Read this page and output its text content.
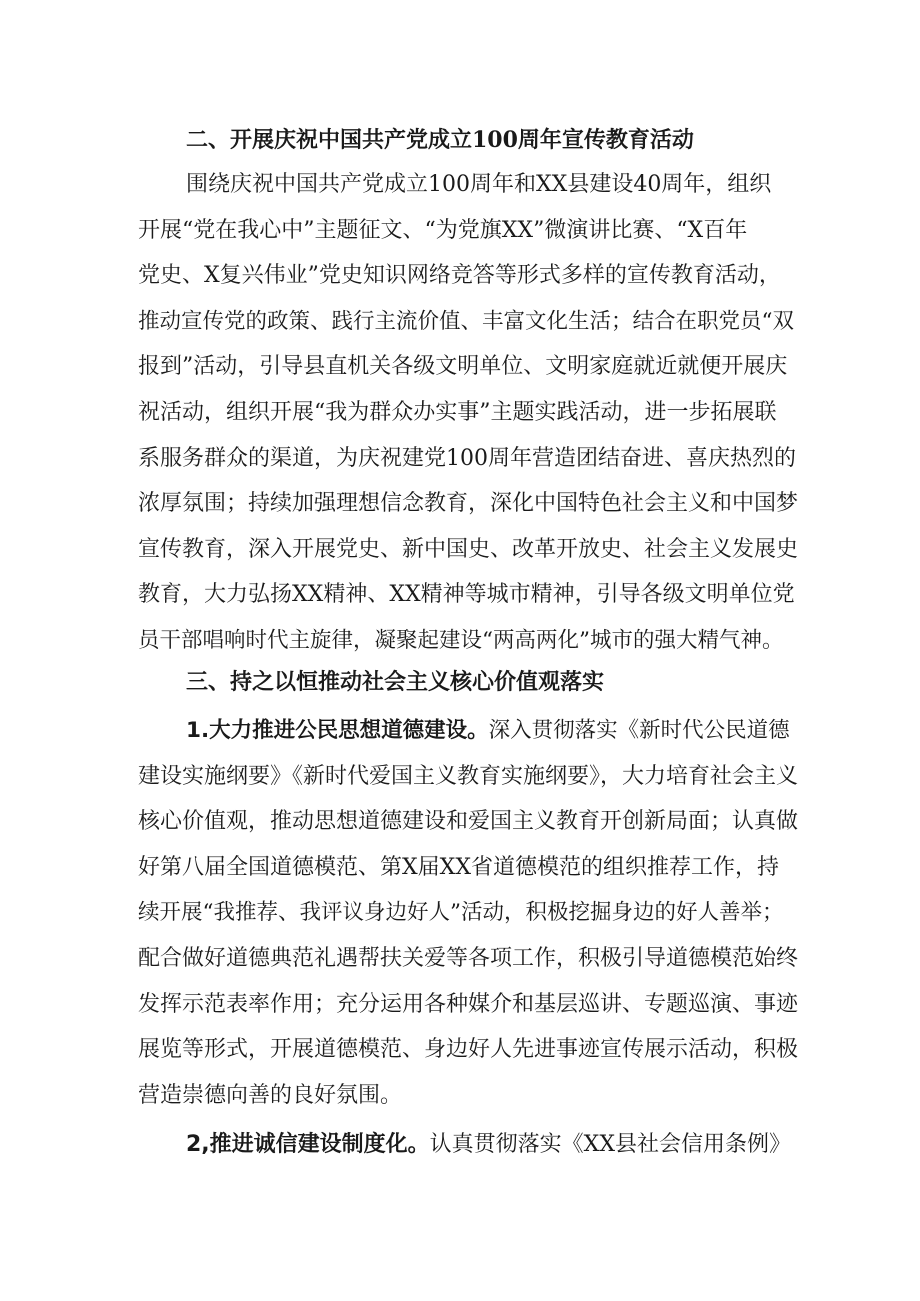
二、开展庆祝中国共产党成立100周年宣传教育活动
围绕庆祝中国共产党成立100周年和XX县建设40周年，组织
开展“党在我心中”主题征文、“为党旗XX”微演讲比赛、“X百年
党史、X复兴伟业”党史知识网络竞答等形式多样的宣传教育活动，
推动宣传党的政策、践行主流价值、丰富文化生活；结合在职党员“双
报到”活动，引导县直机关各级文明单位、文明家庭就近就便开展庆
祝活动，组织开展“我为群众办实事”主题实践活动，进一步拓展联
系服务群众的渠道，为庆祝建党100周年营造团结奋进、喜庆热烈的
浓厚氛围；持续加强理想信念教育，深化中国特色社会主义和中国梦
宣传教育，深入开展党史、新中国史、改革开放史、社会主义发展史
教育，大力弘扬XX精神、XX精神等城市精神，引导各级文明单位党
员干部唱响时代主旋律，凝聚起建设“两高两化”城市的强大精气神。
三、持之以恒推动社会主义核心价值观落实
1.大力推进公民思想道德建设。深入贯彻落实《新时代公民道德
建设实施纲要》《新时代爱国主义教育实施纲要》，大力培育社会主义
核心价值观，推动思想道德建设和爱国主义教育开创新局面；认真做
好第八届全国道德模范、第X届XX省道德模范的组织推荐工作，持
续开展“我推荐、我评议身边好人”活动，积极挖掘身边的好人善举；
配合做好道德典范礼遇帮扶关爱等各项工作，积极引导道德模范始终
发挥示范表率作用；充分运用各种媒介和基层巡讲、专题巡演、事迹
展览等形式，开展道德模范、身边好人先进事迹宣传展示活动，积极
营造崇德向善的良好氛围。
2,推进诚信建设制度化。认真贯彻落实《XX县社会信用条例》
